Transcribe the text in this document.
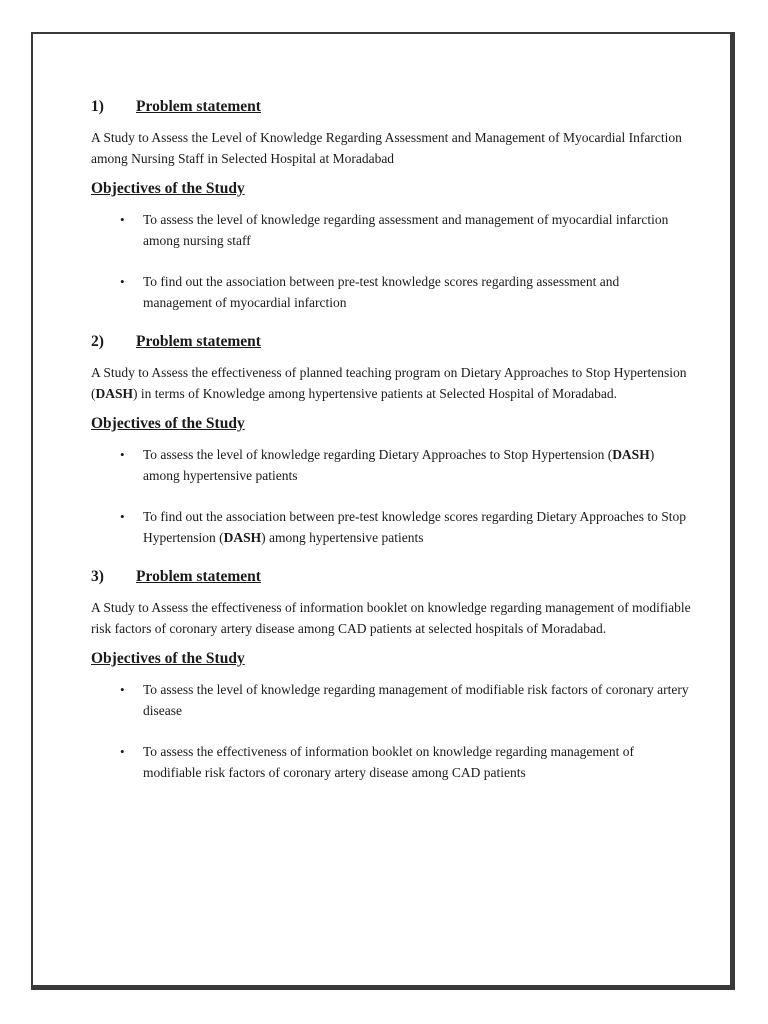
1)	Problem statement
A Study to Assess the Level of Knowledge Regarding Assessment and Management of Myocardial Infarction among Nursing Staff in Selected Hospital at Moradabad
Objectives of the Study
• To assess the level of knowledge regarding assessment and management of myocardial infarction among nursing staff
• To find out the association between pre-test knowledge scores regarding assessment and management of myocardial infarction
2)	Problem statement
A Study to Assess the effectiveness of planned teaching program on Dietary Approaches to Stop Hypertension (DASH) in terms of Knowledge among hypertensive patients at Selected Hospital of Moradabad.
Objectives of the Study
• To assess the level of knowledge regarding Dietary Approaches to Stop Hypertension (DASH) among hypertensive patients
• To find out the association between pre-test knowledge scores regarding Dietary Approaches to Stop Hypertension (DASH) among hypertensive patients
3)	Problem statement
A Study to Assess the effectiveness of information booklet on knowledge regarding management of modifiable risk factors of coronary artery disease among CAD patients at selected hospitals of Moradabad.
Objectives of the Study
• To assess the level of knowledge regarding management of modifiable risk factors of coronary artery disease
• To assess the effectiveness of information booklet on knowledge regarding management of modifiable risk factors of coronary artery disease among CAD patients
